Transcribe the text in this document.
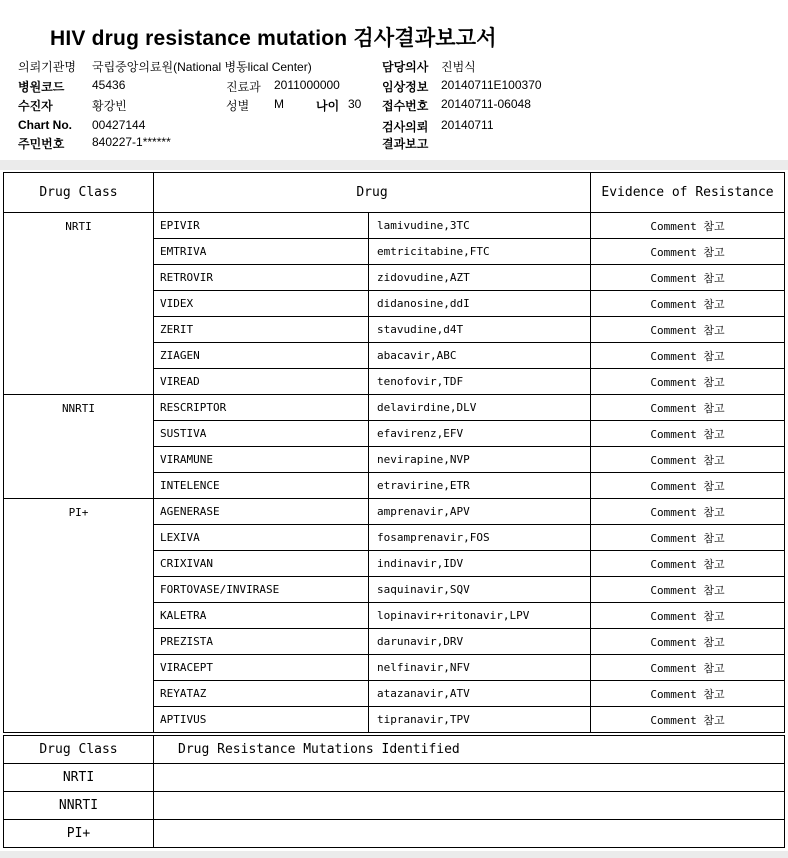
HIV drug resistance mutation 검사결과보고서
의뢰기관명 국립중앙의료원(National 병동lical Center)	담당의사 진범식
병원코드 45436	진료과 2011000000	임상정보 20140711E100370
수진자	황강빈	성별 M	나이 30 접수번호 20140711-06048
Chart No. 00427144	검사의뢰 20140711
주민번호 840227-1******	결과보고
Drug Class	Drug		Evidence of Resistance
NRTI	EPIVIR	lamivudine,3TC	Comment 참고
	EMTRIVA	emtricitabine,FTC	Comment 참고
	RETROVIR	zidovudine,AZT	Comment 참고
	VIDEX	didanosine,ddI	Comment 참고
	ZERIT	stavudine,d4T	Comment 참고
	ZIAGEN	abacavir,ABC	Comment 참고
	VIREAD	tenofovir,TDF	Comment 참고
NNRTI	RESCRIPTOR	delavirdine,DLV	Comment 참고
	SUSTIVA	efavirenz,EFV	Comment 참고
	VIRAMUNE	nevirapine,NVP	Comment 참고
	INTELENCE	etravirine,ETR	Comment 참고
PI+	AGENERASE	amprenavir,APV	Comment 참고
	LEXIVA	fosamprenavir,FOS	Comment 참고
	CRIXIVAN	indinavir,IDV	Comment 참고
	FORTOVASE/INVIRASE	saquinavir,SQV	Comment 참고
	KALETRA	lopinavir+ritonavir,LPV	Comment 참고
	PREZISTA	darunavir,DRV	Comment 참고
	VIRACEPT	nelfinavir,NFV	Comment 참고
	REYATAZ	atazanavir,ATV	Comment 참고
	APTIVUS	tipranavir,TPV	Comment 참고
Drug Class	Drug Resistance Mutations Identified
NRTI	
NNRTI	
PI+	
